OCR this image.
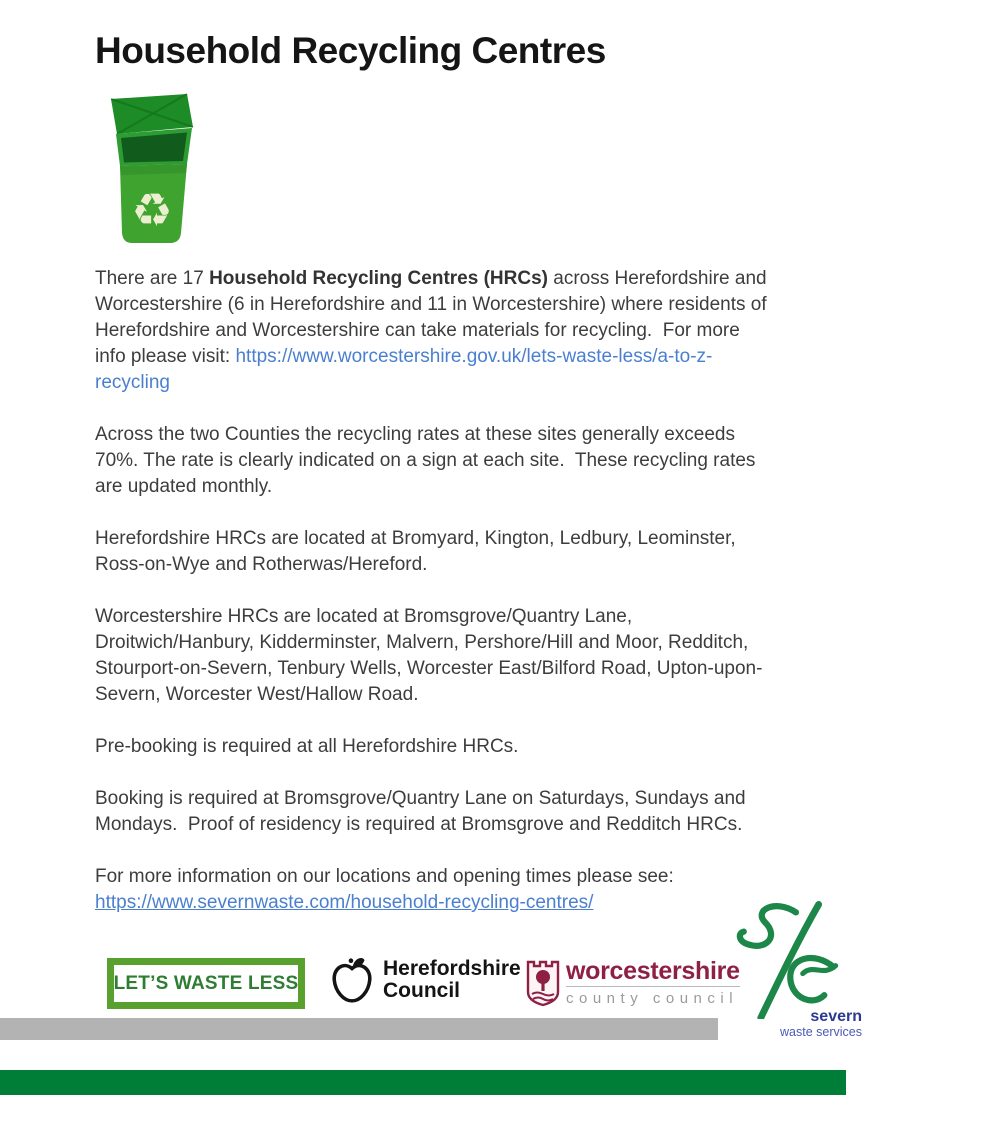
Household Recycling Centres
♻

There are 17 Household Recycling Centres (HRCs) across Herefordshire and
Worcestershire (6 in Herefordshire and 11 in Worcestershire) where residents of
Herefordshire and Worcestershire can take materials for recycling.  For more
info please visit: https://www.worcestershire.gov.uk/lets-waste-less/a-to-z-
recycling

Across the two Counties the recycling rates at these sites generally exceeds
70%. The rate is clearly indicated on a sign at each site.  These recycling rates
are updated monthly.

Herefordshire HRCs are located at Bromyard, Kington, Ledbury, Leominster,
Ross-on-Wye and Rotherwas/Hereford.

Worcestershire HRCs are located at Bromsgrove/Quantry Lane,
Droitwich/Hanbury, Kidderminster, Malvern, Pershore/Hill and Moor, Redditch,
Stourport-on-Severn, Tenbury Wells, Worcester East/Bilford Road, Upton-upon-
Severn, Worcester West/Hallow Road.

Pre-booking is required at all Herefordshire HRCs.

Booking is required at Bromsgrove/Quantry Lane on Saturdays, Sundays and
Mondays.  Proof of residency is required at Bromsgrove and Redditch HRCs.

For more information on our locations and opening times please see:
https://www.severnwaste.com/household-recycling-centres/

LET’S WASTE LESS
Herefordshire
Council
worcestershire
county council
severn
waste services
